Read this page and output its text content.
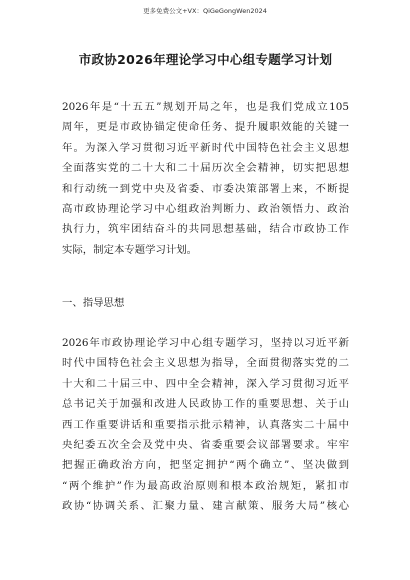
更多免费公文+VX：QiGeGongWen2024
市政协2026年理论学习中心组专题学习计划
2026年是“十五五”规划开局之年，也是我们党成立105
周年，更是市政协锚定使命任务、提升履职效能的关键一
年。为深入学习贯彻习近平新时代中国特色社会主义思想
全面落实党的二十大和二十届历次全会精神，切实把思想
和行动统一到党中央及省委、市委决策部署上来，不断提
高市政协理论学习中心组政治判断力、政治领悟力、政治
执行力，筑牢团结奋斗的共同思想基础，结合市政协工作
实际，制定本专题学习计划。
一、指导思想
2026年市政协理论学习中心组专题学习，坚持以习近平新
时代中国特色社会主义思想为指导，全面贯彻落实党的二
十大和二十届三中、四中全会精神，深入学习贯彻习近平
总书记关于加强和改进人民政协工作的重要思想、关于山
西工作重要讲话和重要指示批示精神，认真落实二十届中
央纪委五次全会及党中央、省委重要会议部署要求。牢牢
把握正确政治方向，把坚定拥护“两个确立”、坚决做到
“两个维护”作为最高政治原则和根本政治规矩，紧扣市
政协“协调关系、汇聚力量、建言献策、服务大局”核心
